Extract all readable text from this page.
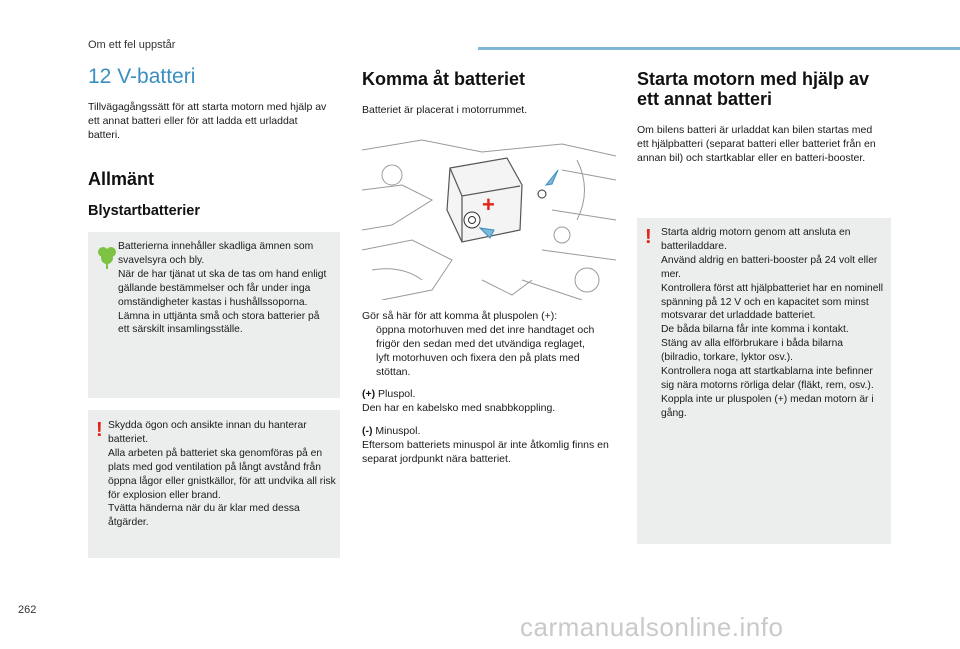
Om ett fel uppstår
12 V-batteri

Tillvägagångssätt för att starta motorn med hjälp av ett annat batteri eller för att ladda ett urladdat batteri.

Allmänt
Blystartbatterier

Batterierna innehåller skadliga ämnen som svavelsyra och bly.

När de har tjänat ut ska de tas om hand enligt gällande bestämmelser och får under inga omständigheter kastas i hushållssoporna.

Lämna in uttjänta små och stora batterier på ett särskilt insamlingsställe.

! Skydda ögon och ansikte innan du hanterar batteriet.

Alla arbeten på batteriet ska genomföras på en plats med god ventilation på långt avstånd från öppna lågor eller gnistkällor, för att undvika all risk för explosion eller brand.

Tvätta händerna när du är klar med dessa åtgärder.

Komma åt batteriet

Batteriet är placerat i motorrummet.

+

Gör så här för att komma åt pluspolen (+):

öppna motorhuven med det inre handtaget och frigör den sedan med det utvändiga reglaget,

lyft motorhuven och fixera den på plats med stöttan.

(+) Pluspol.

Den har en kabelsko med snabbkoppling.

(-) Minuspol.

Eftersom batteriets minuspol är inte åtkomlig finns en separat jordpunkt nära batteriet.

Starta motorn med hjälp av
ett annat batteri

Om bilens batteri är urladdat kan bilen startas med ett hjälpbatteri (separat batteri eller batteriet från en annan bil) och startkablar eller en batteri-booster.

! Starta aldrig motorn genom att ansluta en batteriladdare.

Använd aldrig en batteri-booster på 24 volt eller mer.

Kontrollera först att hjälpbatteriet har en nominell spänning på 12 V och en kapacitet som minst motsvarar det urladdade batteriet.

De båda bilarna får inte komma i kontakt.

Stäng av alla elförbrukare i båda bilarna (bilradio, torkare, lyktor osv.).

Kontrollera noga att startkablarna inte befinner sig nära motorns rörliga delar (fläkt, rem, osv.).

Koppla inte ur pluspolen (+) medan motorn är i gång.

262
carmanualsonline.info
